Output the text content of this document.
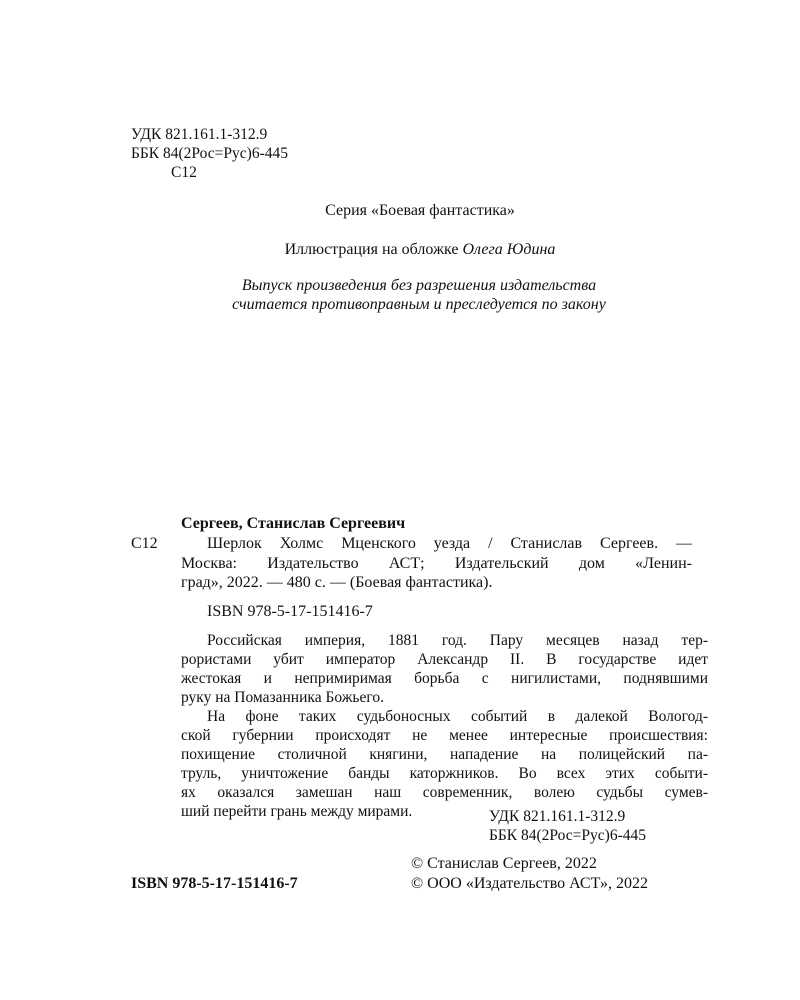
УДК 821.161.1-312.9
ББК 84(2Рос=Рус)6-445
С12
Серия «Боевая фантастика»
Иллюстрация на обложке Олега Юдина
Выпуск произведения без разрешения издательства
считается противоправным и преследуется по закону
Сергеев, Станислав Сергеевич
С12	Шерлок Холмс Мценского уезда / Станислав Сергеев. —
Москва: Издательство АСТ; Издательский дом «Ленин-
град», 2022. — 480 с. — (Боевая фантастика).
ISBN 978-5-17-151416-7
Российская империя, 1881 год. Пару месяцев назад тер-
рористами убит император Александр II. В государстве идет
жестокая и непримиримая борьба с нигилистами, поднявшими
руку на Помазанника Божьего.
На фоне таких судьбоносных событий в далекой Вологод-
ской губернии происходят не менее интересные происшествия:
похищение столичной княгини, нападение на полицейский па-
труль, уничтожение банды каторжников. Во всех этих событи-
ях оказался замешан наш современник, волею судьбы сумев-
ший перейти грань между мирами.	УДК 821.161.1-312.9
ББК 84(2Рос=Рус)6-445
© Станислав Сергеев, 2022
© ООО «Издательство АСТ», 2022
ISBN 978-5-17-151416-7
